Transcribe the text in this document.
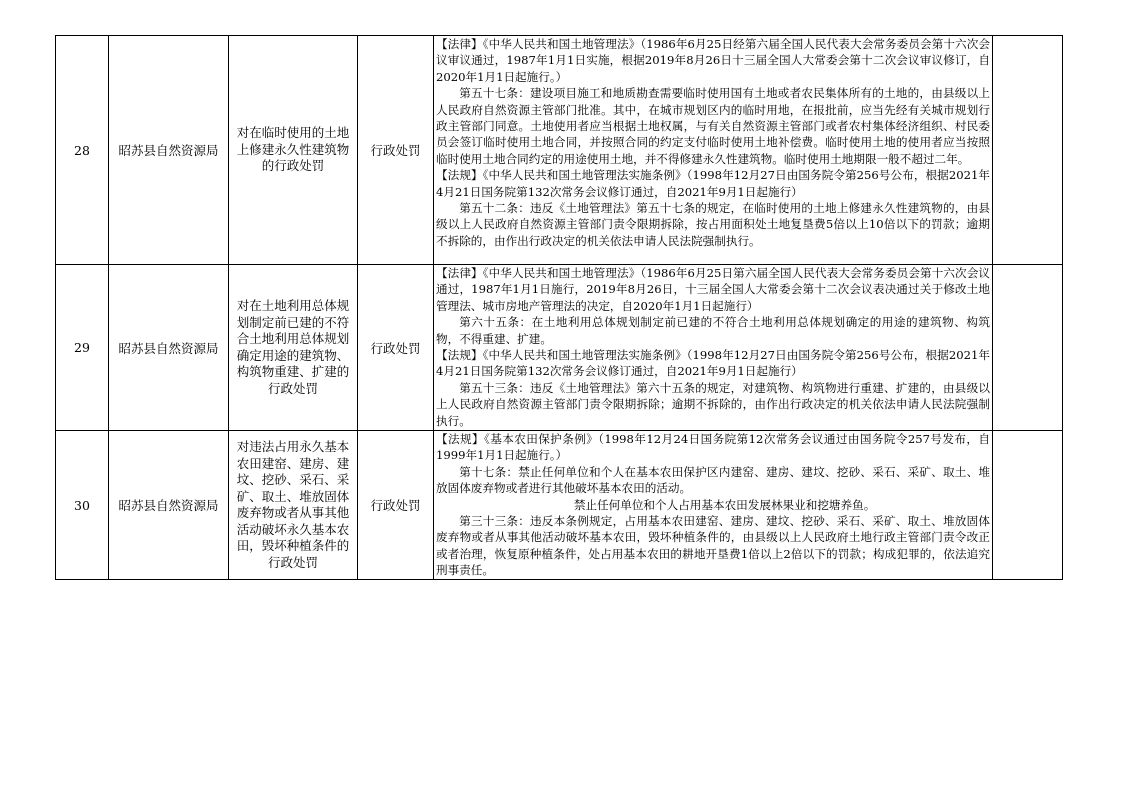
28	昭苏县自然资源局	对在临时使用的土地上修建永久性建筑物的行政处罚	行政处罚	【法律】《中华人民共和国土地管理法》（1986年6月25日经第六届全国人民代表大会常务委员会第十六次会议审议通过，1987年1月1日实施，根据2019年8月26日十三届全国人大常委会第十二次会议审议修订，自2020年1月1日起施行。）

第五十七条：建设项目施工和地质勘查需要临时使用国有土地或者农民集体所有的土地的，由县级以上人民政府自然资源主管部门批准。其中，在城市规划区内的临时用地，在报批前，应当先经有关城市规划行政主管部门同意。土地使用者应当根据土地权属，与有关自然资源主管部门或者农村集体经济组织、村民委员会签订临时使用土地合同，并按照合同的约定支付临时使用土地补偿费。临时使用土地的使用者应当按照临时使用土地合同约定的用途使用土地，并不得修建永久性建筑物。临时使用土地期限一般不超过二年。

【法规】《中华人民共和国土地管理法实施条例》（1998年12月27日由国务院令第256号公布，根据2021年4月21日国务院第132次常务会议修订通过，自2021年9月1日起施行）

第五十二条：违反《土地管理法》第五十七条的规定，在临时使用的土地上修建永久性建筑物的，由县级以上人民政府自然资源主管部门责令限期拆除，按占用面积处土地复垦费5倍以上10倍以下的罚款；逾期不拆除的，由作出行政决定的机关依法申请人民法院强制执行。	

29	昭苏县自然资源局	对在土地利用总体规划制定前已建的不符合土地利用总体规划确定用途的建筑物、构筑物重建、扩建的行政处罚	行政处罚	【法律】《中华人民共和国土地管理法》（1986年6月25日第六届全国人民代表大会常务委员会第十六次会议通过，1987年1月1日施行，2019年8月26日，十三届全国人大常委会第十二次会议表决通过关于修改土地管理法、城市房地产管理法的决定，自2020年1月1日起施行）

第六十五条：在土地利用总体规划制定前已建的不符合土地利用总体规划确定的用途的建筑物、构筑物，不得重建、扩建。

【法规】《中华人民共和国土地管理法实施条例》（1998年12月27日由国务院令第256号公布，根据2021年4月21日国务院第132次常务会议修订通过，自2021年9月1日起施行）

第五十三条：违反《土地管理法》第六十五条的规定，对建筑物、构筑物进行重建、扩建的，由县级以上人民政府自然资源主管部门责令限期拆除；逾期不拆除的，由作出行政决定的机关依法申请人民法院强制执行。	

30	昭苏县自然资源局	对违法占用永久基本农田建窑、建房、建坟、挖砂、采石、采矿、取土、堆放固体废弃物或者从事其他活动破坏永久基本农田，毁坏种植条件的行政处罚	行政处罚	【法规】《基本农田保护条例》（1998年12月24日国务院第12次常务会议通过由国务院令257号发布，自1999年1月1日起施行。）

第十七条：禁止任何单位和个人在基本农田保护区内建窑、建房、建坟、挖砂、采石、采矿、取土、堆放固体废弃物或者进行其他破坏基本农田的活动。

禁止任何单位和个人占用基本农田发展林果业和挖塘养鱼。

第三十三条：违反本条例规定，占用基本农田建窑、建房、建坟、挖砂、采石、采矿、取土、堆放固体废弃物或者从事其他活动破坏基本农田，毁坏种植条件的，由县级以上人民政府土地行政主管部门责令改正或者治理，恢复原种植条件，处占用基本农田的耕地开垦费1倍以上2倍以下的罚款；构成犯罪的，依法追究刑事责任。	
